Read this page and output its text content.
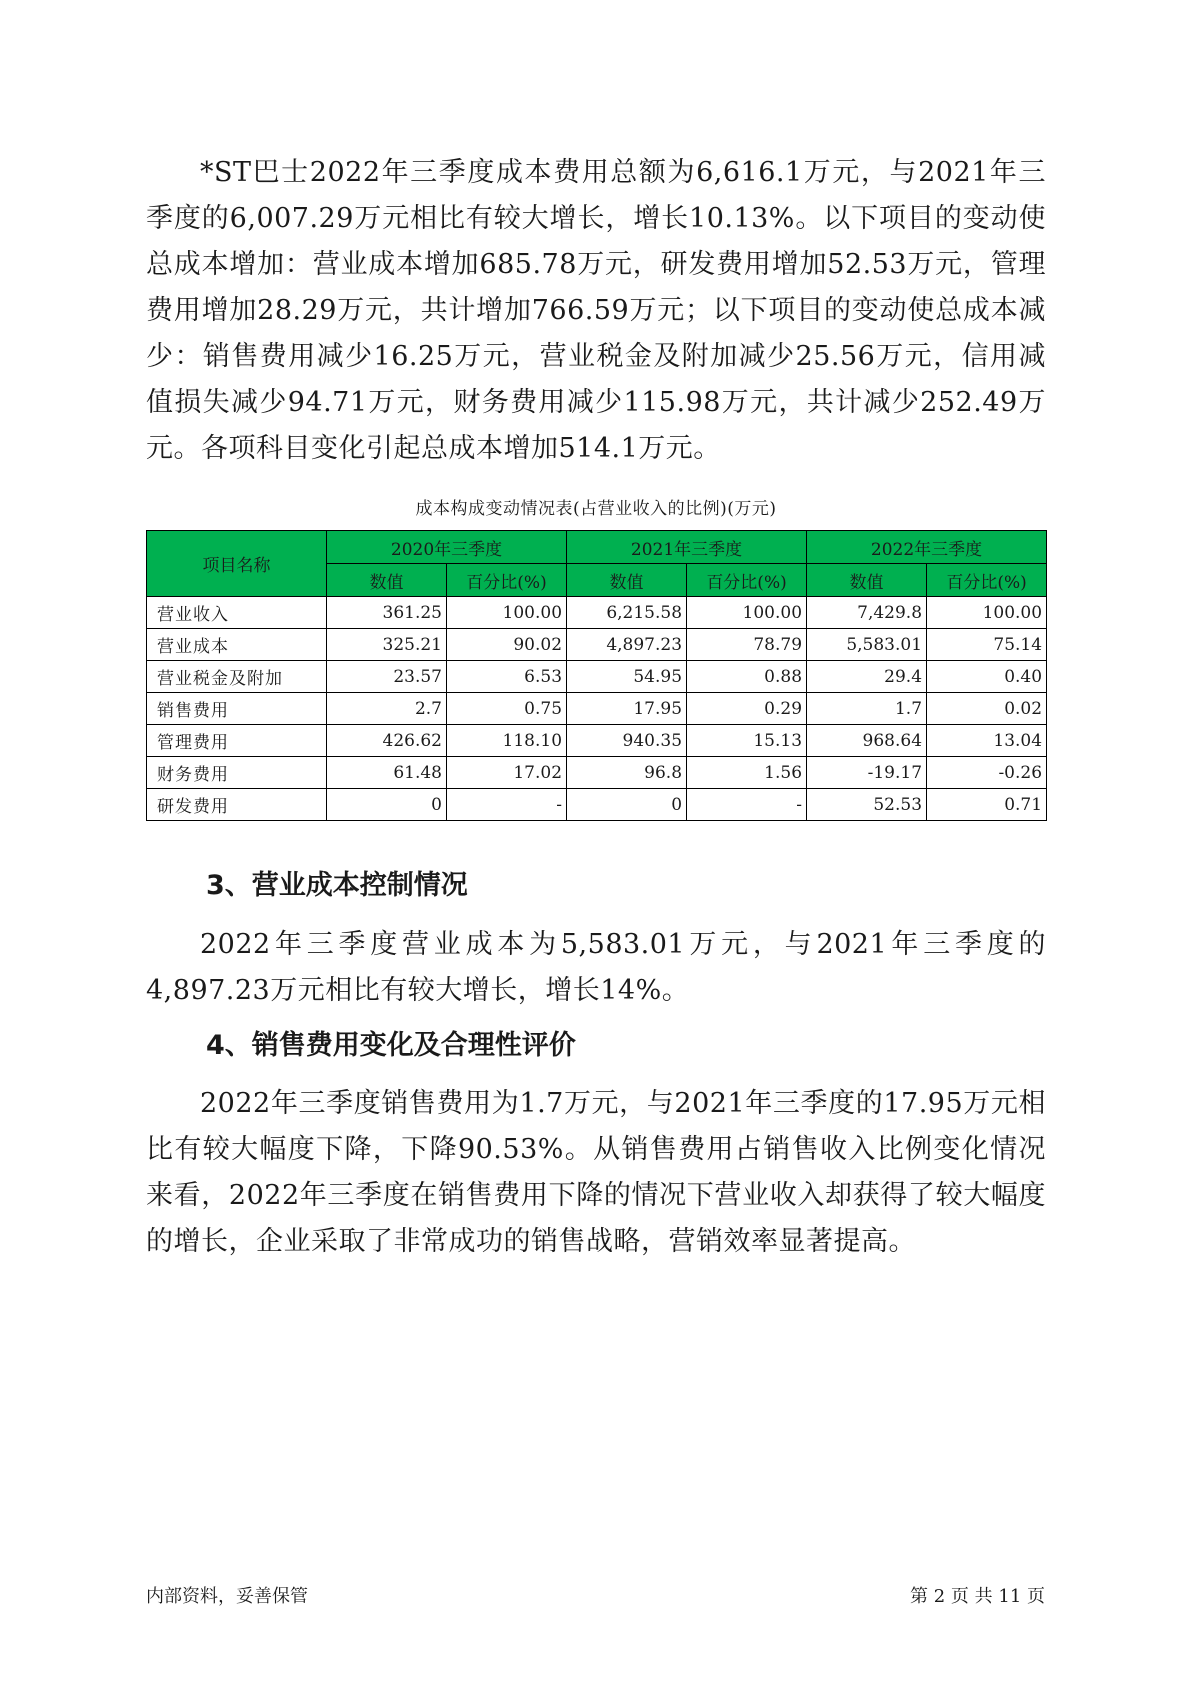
*ST巴士2022年三季度成本费用总额为6,616.1万元，与2021年三季度的6,007.29万元相比有较大增长，增长10.13%。以下项目的变动使总成本增加：营业成本增加685.78万元，研发费用增加52.53万元，管理费用增加28.29万元，共计增加766.59万元；以下项目的变动使总成本减少：销售费用减少16.25万元，营业税金及附加减少25.56万元，信用减值损失减少94.71万元，财务费用减少115.98万元，共计减少252.49万元。各项科目变化引起总成本增加514.1万元。

成本构成变动情况表(占营业收入的比例)(万元)
项目名称	2020年三季度		2021年三季度		2022年三季度	
	数值	百分比(%)	数值	百分比(%)	数值	百分比(%)
营业收入	361.25	100.00	6,215.58	100.00	7,429.8	100.00
营业成本	325.21	90.02	4,897.23	78.79	5,583.01	75.14
营业税金及附加	23.57	6.53	54.95	0.88	29.4	0.40
销售费用	2.7	0.75	17.95	0.29	1.7	0.02
管理费用	426.62	118.10	940.35	15.13	968.64	13.04
财务费用	61.48	17.02	96.8	1.56	-19.17	-0.26
研发费用	0	-	0	-	52.53	0.71
3、营业成本控制情况

2022年三季度营业成本为5,583.01万元，与2021年三季度的4,897.23万元相比有较大增长，增长14%。

4、销售费用变化及合理性评价

2022年三季度销售费用为1.7万元，与2021年三季度的17.95万元相比有较大幅度下降，下降90.53%。从销售费用占销售收入比例变化情况来看，2022年三季度在销售费用下降的情况下营业收入却获得了较大幅度的增长，企业采取了非常成功的销售战略，营销效率显著提高。

内部资料，妥善保管	第 2 页 共 11 页
